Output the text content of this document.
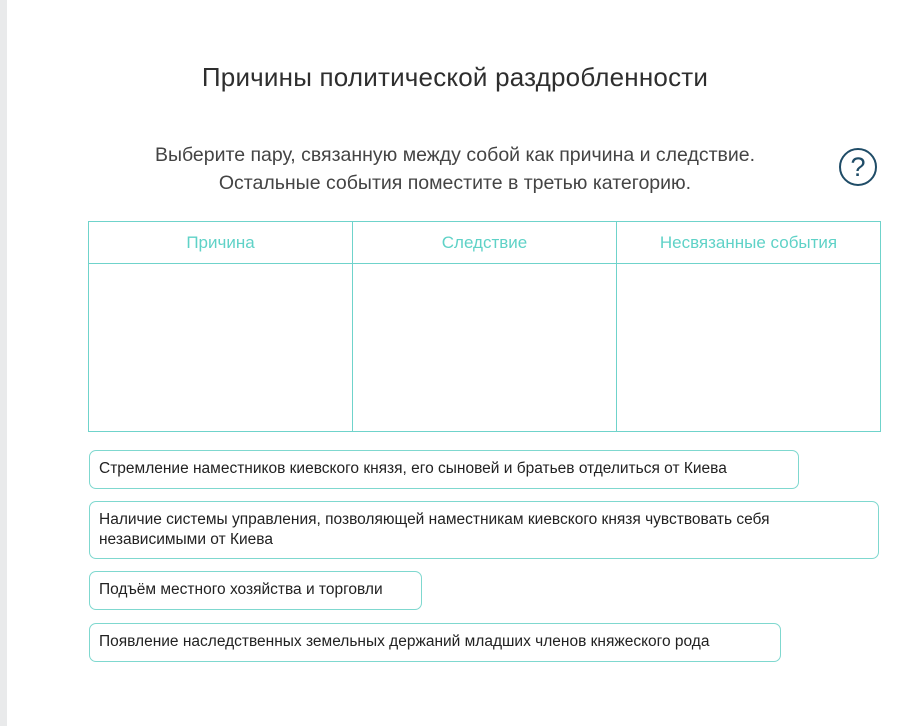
Причины политической раздробленности
Выберите пару, связанную между собой как причина и следствие. Остальные события поместите в третью категорию.
?
Причина	Следствие	Несвязанные события
Стремление наместников киевского князя, его сыновей и братьев отделиться от Киева
Наличие системы управления, позволяющей наместникам киевского князя чувствовать себя независимыми от Киева
Подъём местного хозяйства и торговли
Появление наследственных земельных держаний младших членов княжеского рода
